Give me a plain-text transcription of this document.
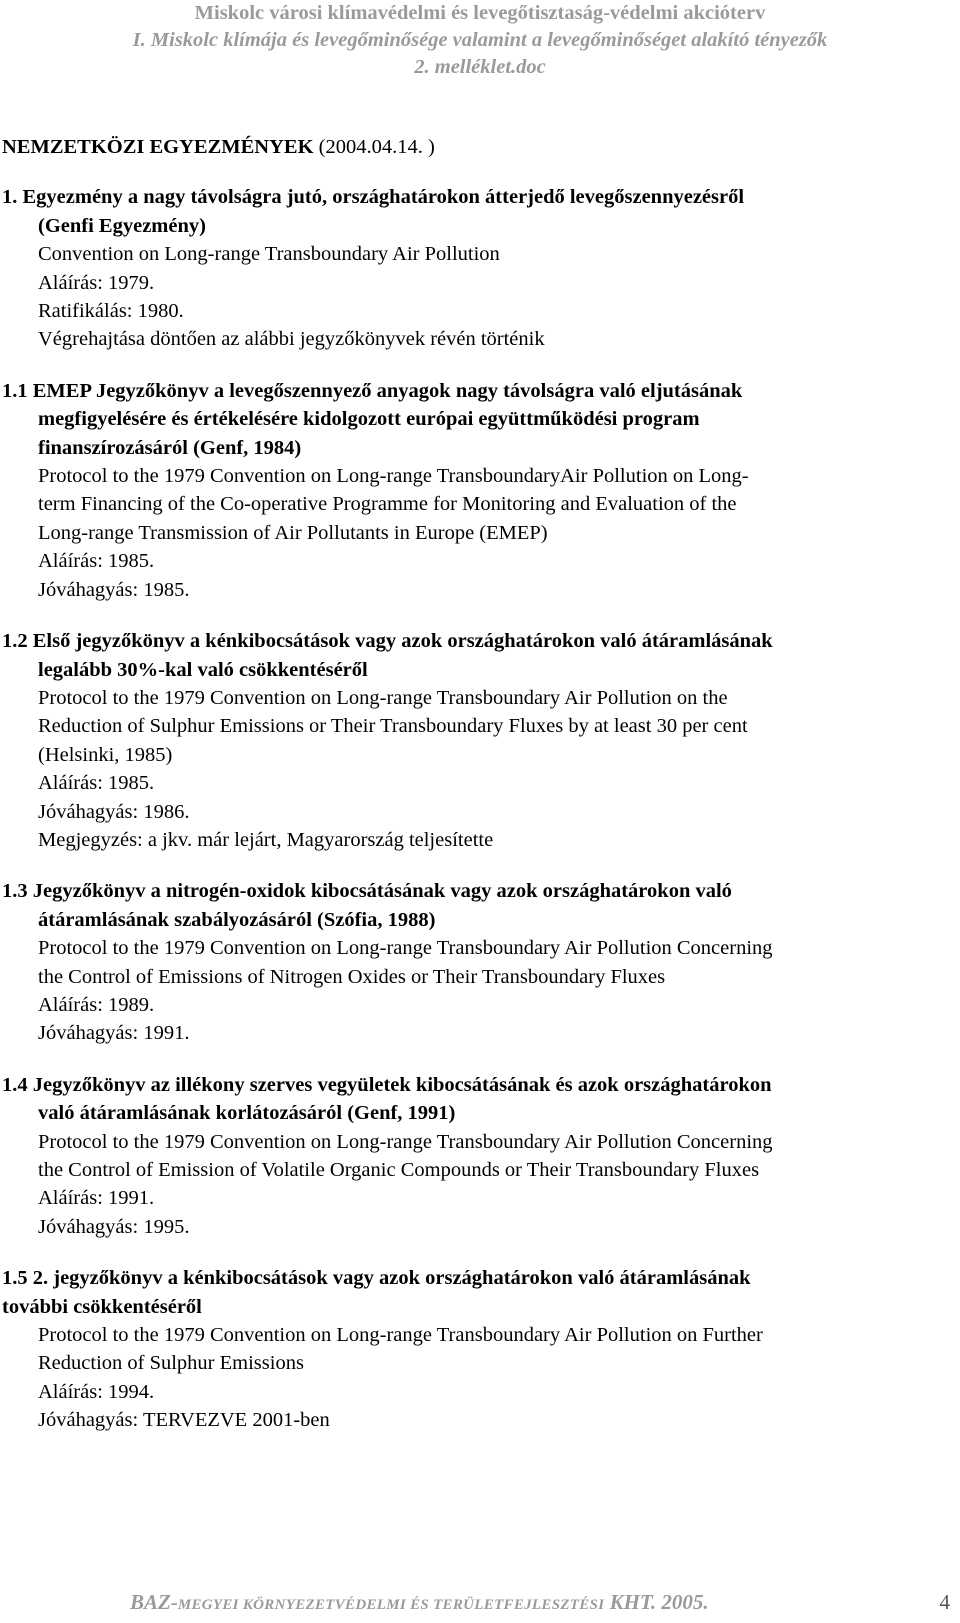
Miskolc városi klímavédelmi és levegőtisztaság-védelmi akcióterv
I. Miskolc klímája és levegőminősége valamint a levegőminőséget alakító tényezők
2. melléklet.doc
NEMZETKÖZI EGYEZMÉNYEK (2004.04.14. )
1. Egyezmény a nagy távolságra jutó, országhatárokon átterjedő levegőszennyezésről
(Genfi Egyezmény)
Convention on Long-range Transboundary Air Pollution
Aláírás: 1979.
Ratifikálás: 1980.
Végrehajtása döntően az alábbi jegyzőkönyvek révén történik
1.1 EMEP Jegyzőkönyv a levegőszennyező anyagok nagy távolságra való eljutásának
megfigyelésére és értékelésére kidolgozott európai együttműködési program
finanszírozásáról (Genf, 1984)
Protocol to the 1979 Convention on Long-range TransboundaryAir Pollution on Long-
term Financing of the Co-operative Programme for Monitoring and Evaluation of the
Long-range Transmission of Air Pollutants in Europe (EMEP)
Aláírás: 1985.
Jóváhagyás: 1985.
1.2 Első jegyzőkönyv a kénkibocsátások vagy azok országhatárokon való átáramlásának
legalább 30%-kal való csökkentéséről
Protocol to the 1979 Convention on Long-range Transboundary Air Pollution on the
Reduction of Sulphur Emissions or Their Transboundary Fluxes by at least 30 per cent
(Helsinki, 1985)
Aláírás: 1985.
Jóváhagyás: 1986.
Megjegyzés: a jkv. már lejárt, Magyarország teljesítette
1.3 Jegyzőkönyv a nitrogén-oxidok kibocsátásának vagy azok országhatárokon való
átáramlásának szabályozásáról (Szófia, 1988)
Protocol to the 1979 Convention on Long-range Transboundary Air Pollution Concerning
the Control of Emissions of Nitrogen Oxides or Their Transboundary Fluxes
Aláírás: 1989.
Jóváhagyás: 1991.
1.4 Jegyzőkönyv az illékony szerves vegyületek kibocsátásának és azok országhatárokon
való átáramlásának korlátozásáról (Genf, 1991)
Protocol to the 1979 Convention on Long-range Transboundary Air Pollution Concerning
the Control of Emission of Volatile Organic Compounds or Their Transboundary Fluxes
Aláírás: 1991.
Jóváhagyás: 1995.
1.5 2. jegyzőkönyv a kénkibocsátások vagy azok országhatárokon való átáramlásának
további csökkentéséről
Protocol to the 1979 Convention on Long-range Transboundary Air Pollution on Further
Reduction of Sulphur Emissions
Aláírás: 1994.
Jóváhagyás: TERVEZVE 2001-ben
BAZ-MEGYEI KÖRNYEZETVÉDELMI ÉS TERÜLETFEJLESZTÉSI KHT. 2005.	4
